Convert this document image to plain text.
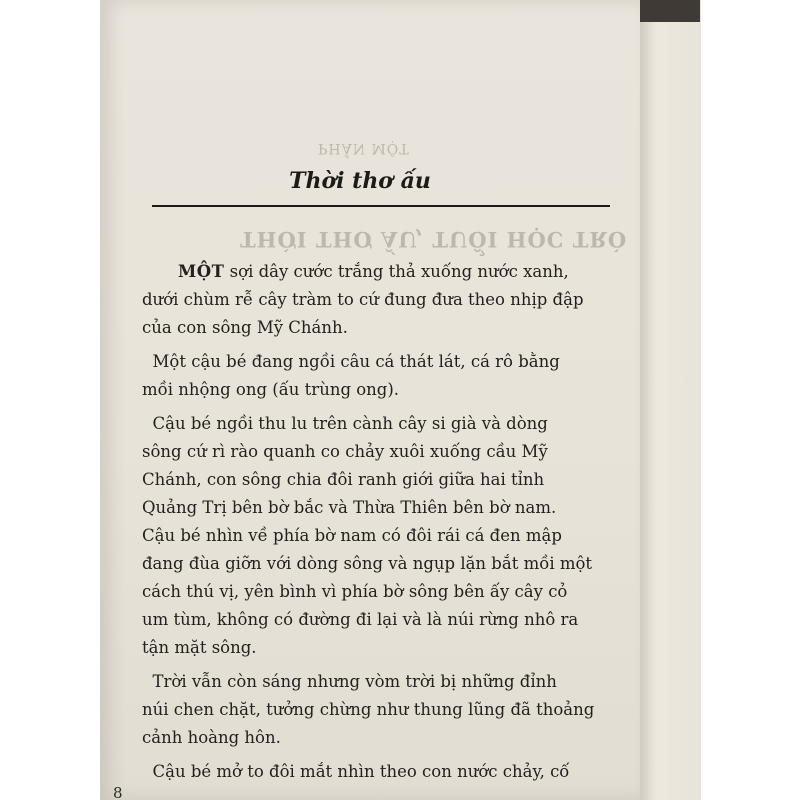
PHẦN MỘT
THỜI THƠ ẤU, TUỔI HỌC TRÒ
Thời thơ ấu

MỘT sợi dây cước trắng thả xuống nước xanh,
dưới chùm rễ cây tràm to cứ đung đưa theo nhịp đập
của con sông Mỹ Chánh.

Một cậu bé đang ngồi câu cá thát lát, cá rô bằng
mồi nhộng ong (ấu trùng ong).

Cậu bé ngồi thu lu trên cành cây si già và dòng
sông cứ rì rào quanh co chảy xuôi xuống cầu Mỹ
Chánh, con sông chia đôi ranh giới giữa hai tỉnh
Quảng Trị bên bờ bắc và Thừa Thiên bên bờ nam.
Cậu bé nhìn về phía bờ nam có đôi rái cá đen mập
đang đùa giỡn với dòng sông và ngụp lặn bắt mồi một
cách thú vị, yên bình vì phía bờ sông bên ấy cây cỏ
um tùm, không có đường đi lại và là núi rừng nhô ra
tận mặt sông.

Trời vẫn còn sáng nhưng vòm trời bị những đỉnh
núi chen chặt, tưởng chừng như thung lũng đã thoảng
cảnh hoàng hôn.

Cậu bé mở to đôi mắt nhìn theo con nước chảy, cố

8
